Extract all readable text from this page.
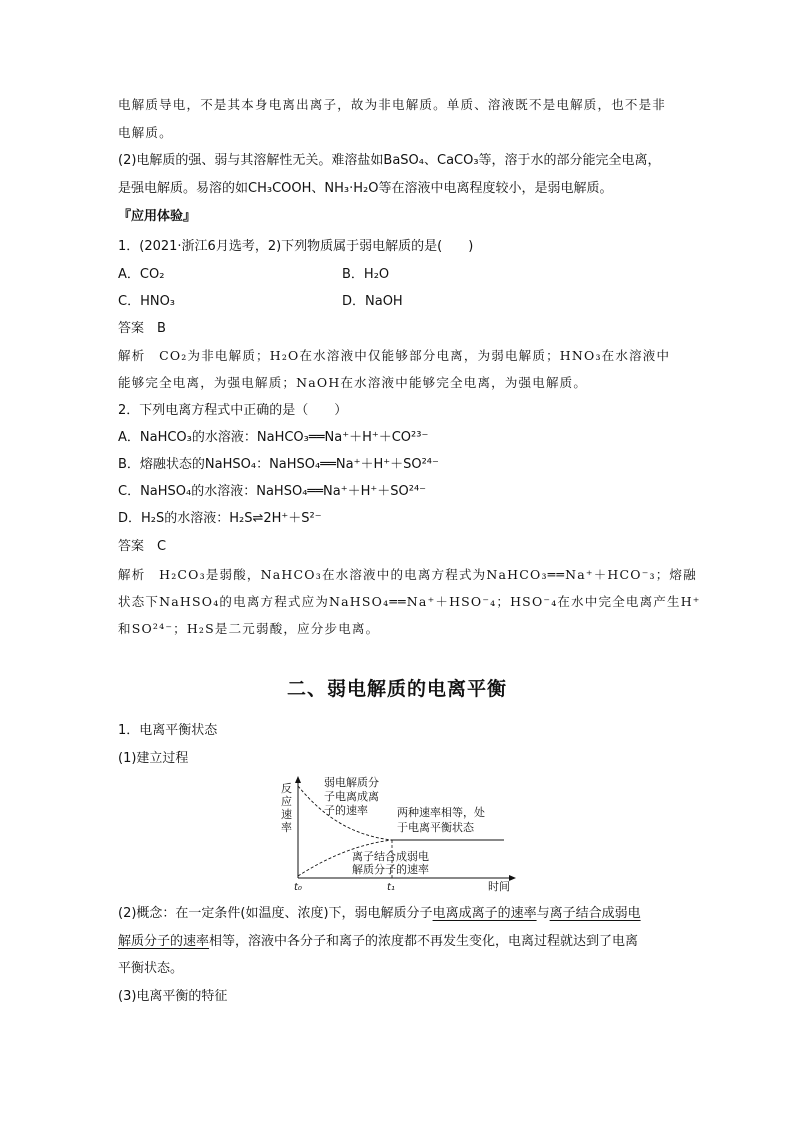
电解质导电，不是其本身电离出离子，故为非电解质。单质、溶液既不是电解质，也不是非
电解质。
(2)电解质的强、弱与其溶解性无关。难溶盐如BaSO₄、CaCO₃等，溶于水的部分能完全电离，
是强电解质。易溶的如CH₃COOH、NH₃·H₂O等在溶液中电离程度较小，是弱电解质。
『应用体验』
1．(2021·浙江6月选考，2)下列物质属于弱电解质的是(　　)
A．CO₂	B．H₂O
C．HNO₃	D．NaOH
答案　B
解析　CO₂为非电解质；H₂O在水溶液中仅能够部分电离，为弱电解质；HNO₃在水溶液中
能够完全电离，为强电解质；NaOH在水溶液中能够完全电离，为强电解质。
2．下列电离方程式中正确的是（　　）
A．NaHCO₃的水溶液：NaHCO₃══Na⁺＋H⁺＋CO²³⁻
B．熔融状态的NaHSO₄：NaHSO₄══Na⁺＋H⁺＋SO²⁴⁻
C．NaHSO₄的水溶液：NaHSO₄══Na⁺＋H⁺＋SO²⁴⁻
D．H₂S的水溶液：H₂S⇌2H⁺＋S²⁻
答案　C
解析　H₂CO₃是弱酸，NaHCO₃在水溶液中的电离方程式为NaHCO₃══Na⁺＋HCO⁻₃；熔融
状态下NaHSO₄的电离方程式应为NaHSO₄══Na⁺＋HSO⁻₄；HSO⁻₄在水中完全电离产生H⁺
和SO²⁴⁻；H₂S是二元弱酸，应分步电离。
二、弱电解质的电离平衡
1．电离平衡状态
(1)建立过程
反 应 速 率
t₀	t₁	时间
弱电解质分 子电离成离 子的速率	两种速率相等，处 于电离平衡状态
离子结合成弱电 解质分子的速率
(2)概念：在一定条件(如温度、浓度)下，弱电解质分子电离成离子的速率与离子结合成弱电
解质分子的速率相等，溶液中各分子和离子的浓度都不再发生变化，电离过程就达到了电离
平衡状态。
(3)电离平衡的特征
